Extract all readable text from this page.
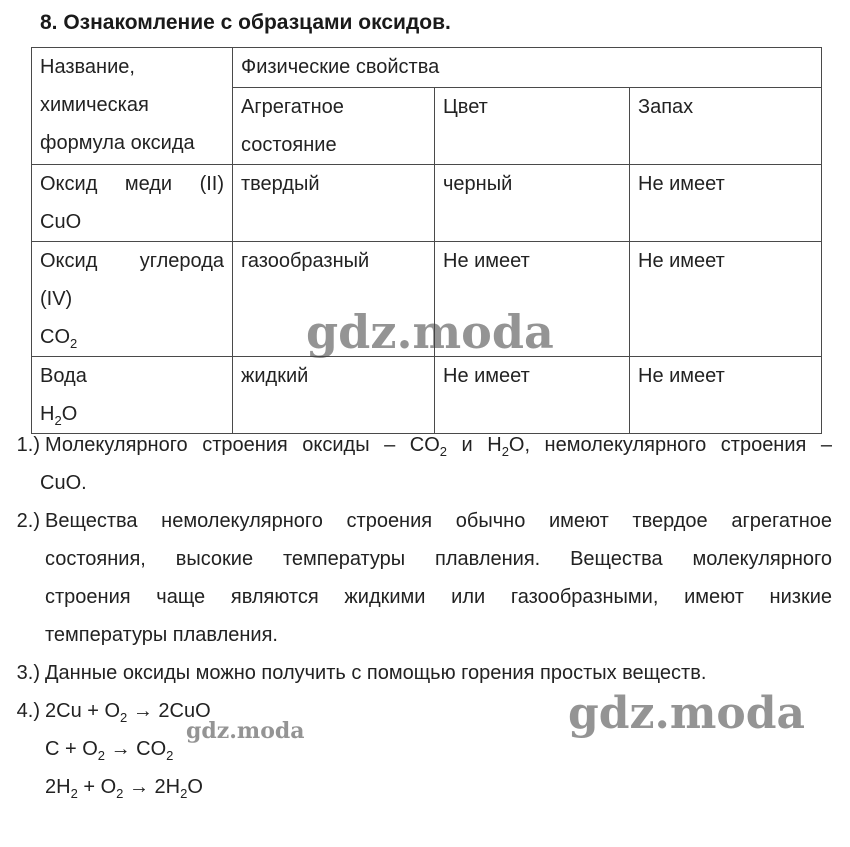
8. Ознакомление с образцами оксидов.
Название,
химическая
формула оксида	Физические свойства		

	Агрегатное
состояние	Цвет	Запах

Оксид меди (II)
CuO	твердый	черный	Не имеет

Оксид углерода
(IV)
$CO_2$	газообразный	Не имеет	Не имеет

Вода
$H_2O$	жидкий	Не имеет	Не имеет
1.) Молекулярного строения оксиды – $CO_2$ и $H_2O$, немолекулярного строения –
CuO.
2.) Вещества немолекулярного строения обычно имеют твердое агрегатное
состояния, высокие температуры плавления. Вещества молекулярного
строения чаще являются жидкими или газообразными, имеют низкие
температуры плавления.
3.) Данные оксиды можно получить с помощью горения простых веществ.
4.) $2Cu + O_2 \to 2CuO$
$C + O_2 \to CO_2$
$2H_2 + O_2 \to 2H_2O$
gdz.moda
gdz.moda
gdz.moda
